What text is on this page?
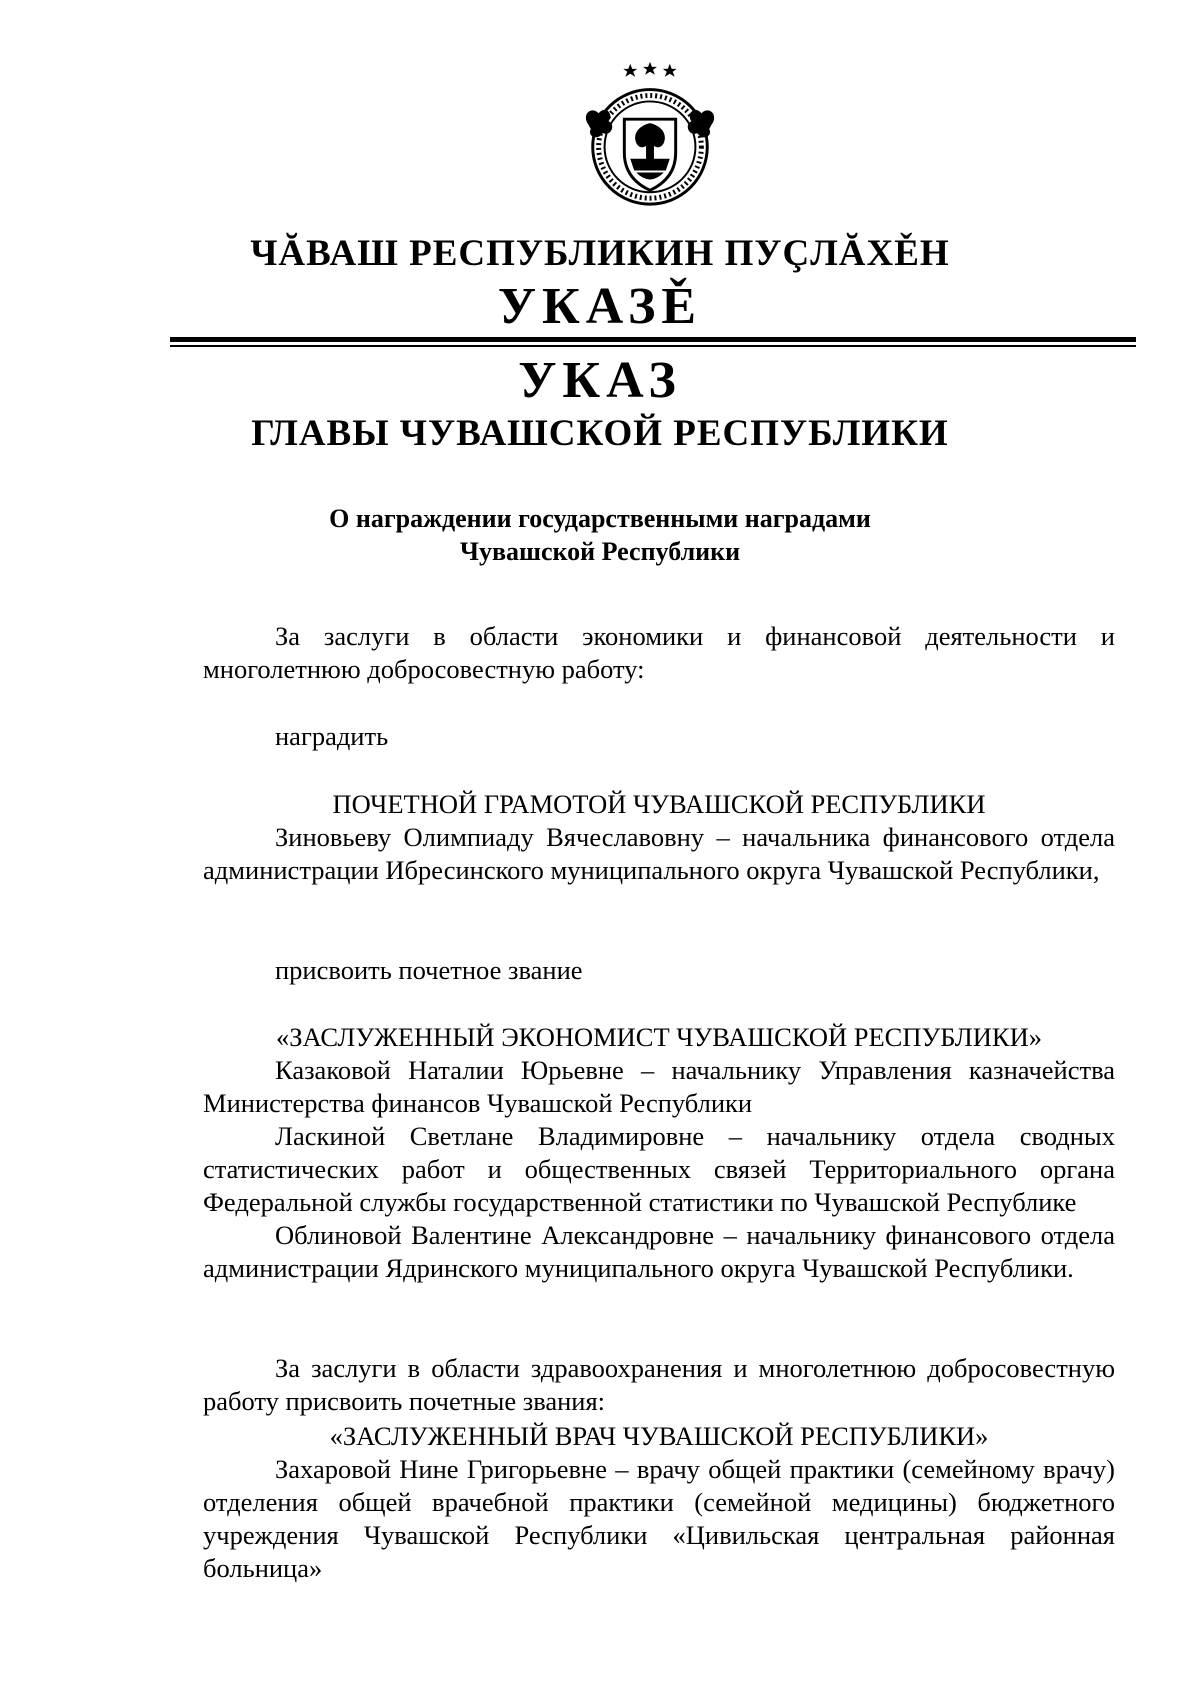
ЧĂВАШ РЕСПУБЛИКИН ПУÇЛĂХĚН
УКАЗĚ
УКАЗ
ГЛАВЫ ЧУВАШСКОЙ РЕСПУБЛИКИ
О награждении государственными наградами
Чувашской Республики
За заслуги в области экономики и финансовой деятельности и многолетнюю добросовестную работу:
наградить
ПОЧЕТНОЙ ГРАМОТОЙ ЧУВАШСКОЙ РЕСПУБЛИКИ
Зиновьеву Олимпиаду Вячеславовну – начальника финансового отдела администрации Ибресинского муниципального округа Чувашской Республики,
присвоить почетное звание
«ЗАСЛУЖЕННЫЙ ЭКОНОМИСТ ЧУВАШСКОЙ РЕСПУБЛИКИ»
Казаковой Наталии Юрьевне – начальнику Управления казначейства Министерства финансов Чувашской Республики
Ласкиной Светлане Владимировне – начальнику отдела сводных статистических работ и общественных связей Территориального органа Федеральной службы государственной статистики по Чувашской Республике
Облиновой Валентине Александровне – начальнику финансового отдела администрации Ядринского муниципального округа Чувашской Республики.
За заслуги в области здравоохранения и многолетнюю добросовестную работу присвоить почетные звания:
«ЗАСЛУЖЕННЫЙ ВРАЧ ЧУВАШСКОЙ РЕСПУБЛИКИ»
Захаровой Нине Григорьевне – врачу общей практики (семейному врачу) отделения общей врачебной практики (семейной медицины) бюджетного учреждения Чувашской Республики «Цивильская центральная районная больница»
